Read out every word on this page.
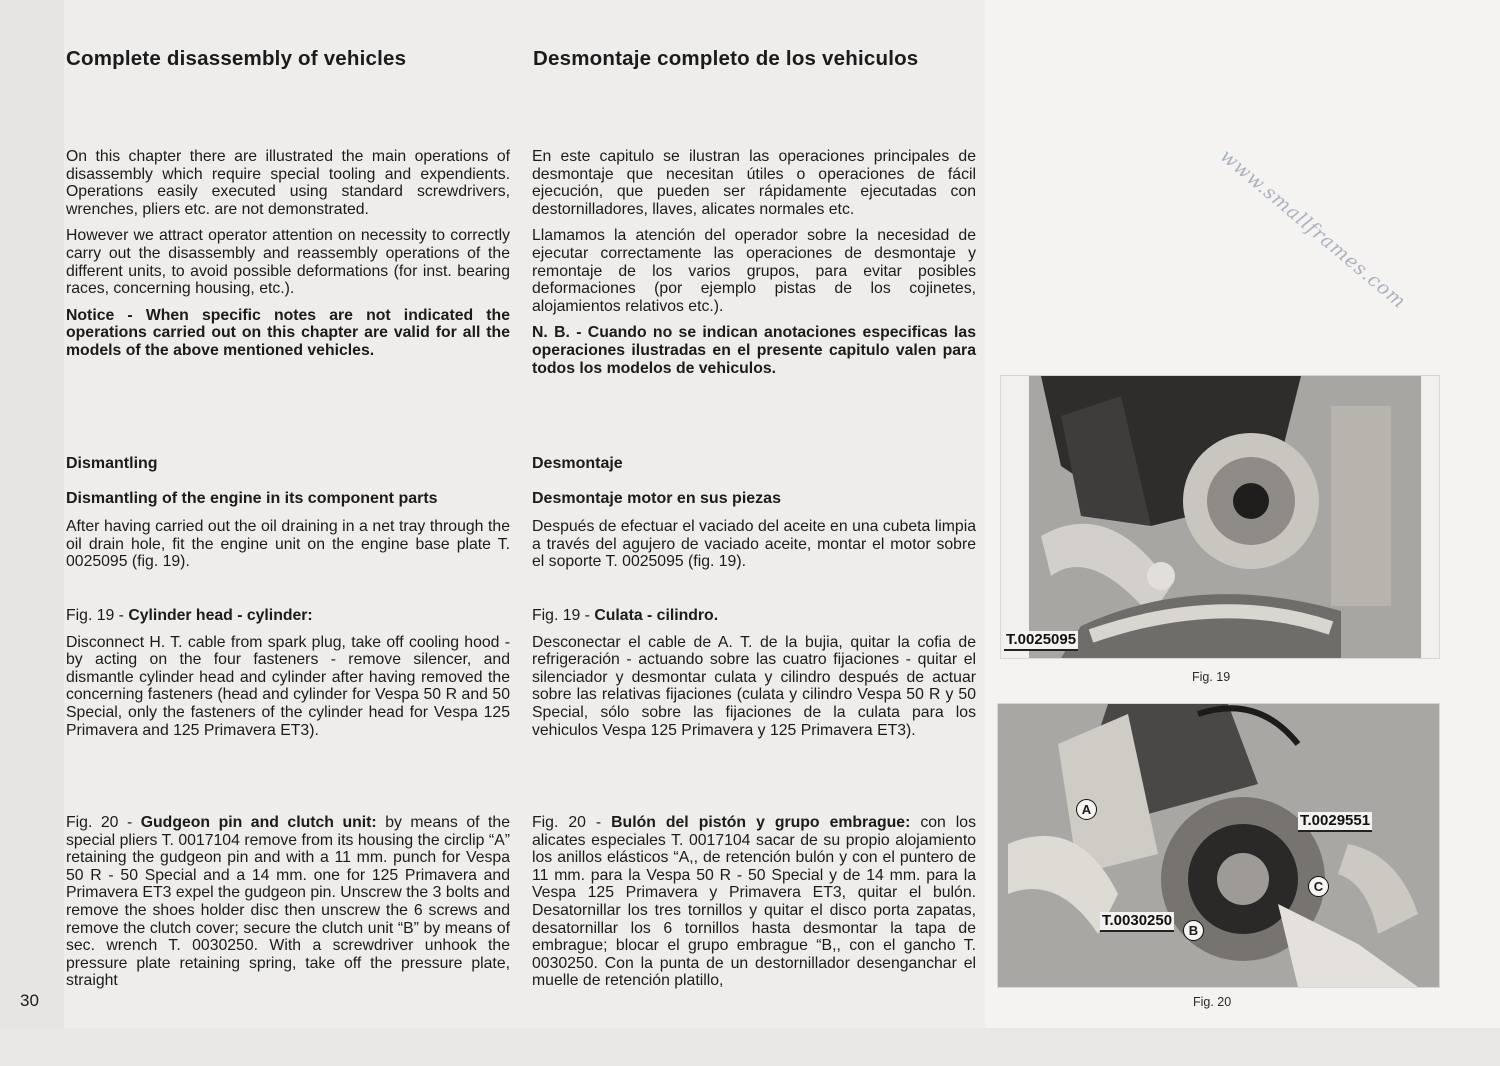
www.smallframes.com
Complete disassembly of vehicles	Desmontaje completo de los vehiculos

On this chapter there are illustrated the main operations of disassembly which require special tooling and expendients. Operations easily executed using standard screwdrivers, wrenches, pliers etc. are not demonstrated.

However we attract operator attention on necessity to correctly carry out the disassembly and reassembly operations of the different units, to avoid possible deformations (for inst. bearing races, concerning housing, etc.).

Notice - When specific notes are not indicated the operations carried out on this chapter are valid for all the models of the above mentioned vehicles.

En este capitulo se ilustran las operaciones principales de desmontaje que necesitan útiles o operaciones de fácil ejecución, que pueden ser rápidamente ejecutadas con destornilladores, llaves, alicates normales etc.

Llamamos la atención del operador sobre la necesidad de ejecutar correctamente las operaciones de desmontaje y remontaje de los varios grupos, para evitar posibles deformaciones (por ejemplo pistas de los cojinetes, alojamientos relativos etc.).

N. B. - Cuando no se indican anotaciones especificas las operaciones ilustradas en el presente capitulo valen para todos los modelos de vehiculos.

Dismantling	Desmontaje
Dismantling of the engine in its component parts	Desmontaje motor en sus piezas

After having carried out the oil draining in a net tray through the oil drain hole, fit the engine unit on the engine base plate T. 0025095 (fig. 19).

Después de efectuar el vaciado del aceite en una cubeta limpia a través del agujero de vaciado aceite, montar el motor sobre el soporte T. 0025095 (fig. 19).

Fig. 19 - Cylinder head - cylinder:

Disconnect H. T. cable from spark plug, take off cooling hood - by acting on the four fasteners - remove silencer, and dismantle cylinder head and cylinder after having removed the concerning fasteners (head and cylinder for Vespa 50 R and 50 Special, only the fasteners of the cylinder head for Vespa 125 Primavera and 125 Primavera ET3).

Fig. 19 - Culata - cilindro.

Desconectar el cable de A. T. de la bujia, quitar la cofia de refrigeración - actuando sobre las cuatro fijaciones - quitar el silenciador y desmontar culata y cilindro después de actuar sobre las relativas fijaciones (culata y cilindro Vespa 50 R y 50 Special, sólo sobre las fijaciones de la culata para los vehiculos Vespa 125 Primavera y 125 Primavera ET3).

Fig. 20 - Gudgeon pin and clutch unit: by means of the special pliers T. 0017104 remove from its housing the circlip “A” retaining the gudgeon pin and with a 11 mm. punch for Vespa 50 R - 50 Special and a 14 mm. one for 125 Primavera and Primavera ET3 expel the gudgeon pin. Unscrew the 3 bolts and remove the shoes holder disc then unscrew the 6 screws and remove the clutch cover; secure the clutch unit “B” by means of sec. wrench T. 0030250. With a screwdriver unhook the pressure plate retaining spring, take off the pressure plate, straight

Fig. 20 - Bulón del pistón y grupo embrague: con los alicates especiales T. 0017104 sacar de su propio alojamiento los anillos elásticos “A,, de retención bulón y con el puntero de 11 mm. para la Vespa 50 R - 50 Special y de 14 mm. para la Vespa 125 Primavera y Primavera ET3, quitar el bulón. Desatornillar los tres tornillos y quitar el disco porta zapatas, desatornillar los 6 tornillos hasta desmontar la tapa de embrague; blocar el grupo embrague “B,, con el gancho T. 0030250. Con la punta de un destornillador desenganchar el muelle de retención platillo,

T.0025095
Fig. 19
T.0029551
T.0030250
A
B
C
Fig. 20
30
